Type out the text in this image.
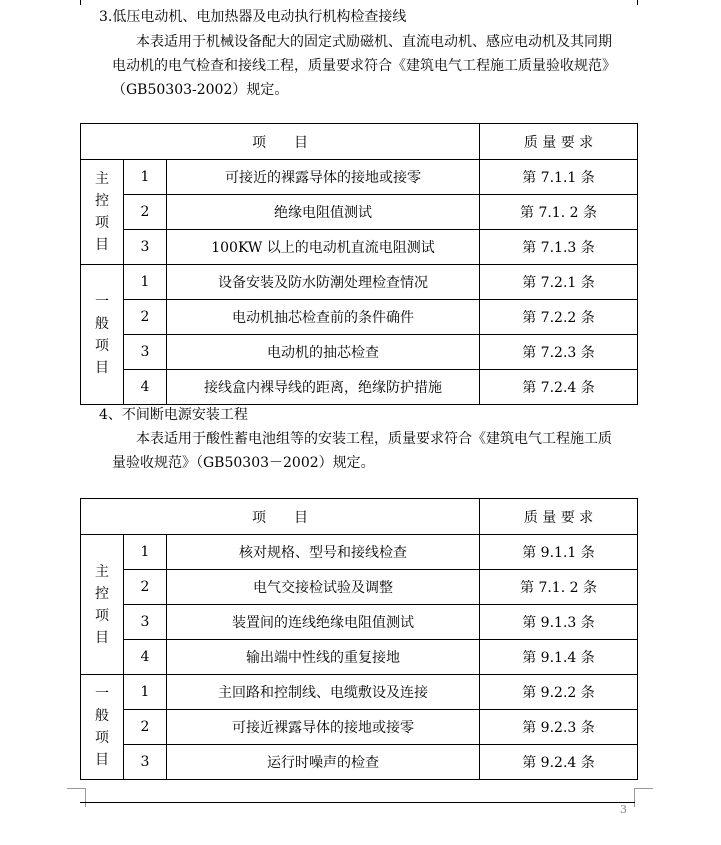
3.低压电动机、电加热器及电动执行机构检查接线
本表适用于机械设备配大的固定式励磁机、直流电动机、感应电动机及其同期
电动机的电气检查和接线工程，质量要求符合《建筑电气工程施工质量验收规范》
（GB50303-2002）规定。
项　　目			质 量 要 求

主
控
项
目	1	可接近的裸露导体的接地或接零	第 7.1.1 条
	2	绝缘电阻值测试	第 7.1. 2 条
	3	100KW 以上的电动机直流电阻测试	第 7.1.3 条

一
般
项
目	1	设备安装及防水防潮处理检查情况	第 7.2.1 条
	2	电动机抽芯检查前的条件确件	第 7.2.2 条
	3	电动机的抽芯检查	第 7.2.3 条
	4	接线盒内裸导线的距离，绝缘防护措施	第 7.2.4 条
4、不间断电源安装工程
本表适用于酸性蓄电池组等的安装工程，质量要求符合《建筑电气工程施工质
量验收规范》（GB50303－2002）规定。
项　　目			质 量 要 求

主
控
项
目	1	核对规格、型号和接线检查	第 9.1.1 条
	2	电气交接检试验及调整	第 7.1. 2 条
	3	装置间的连线绝缘电阻值测试	第 9.1.3 条
	4	输出端中性线的重复接地	第 9.1.4 条

一
般
项
目	1	主回路和控制线、电缆敷设及连接	第 9.2.2 条
	2	可接近裸露导体的接地或接零	第 9.2.3 条
	3	运行时噪声的检查	第 9.2.4 条
3
